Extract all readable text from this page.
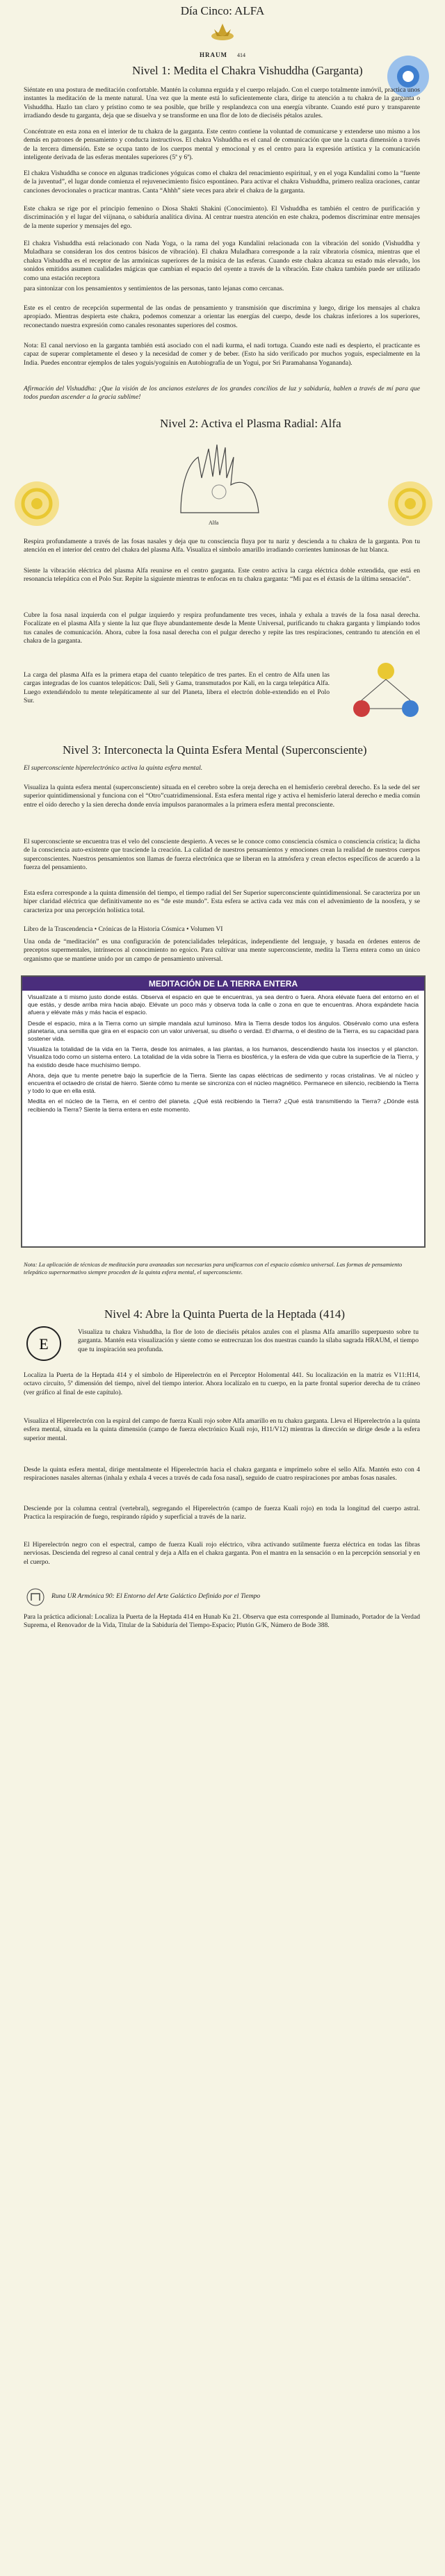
Día Cinco: ALFA
HRAUM 414
Nivel 1: Medita el Chakra Vishuddha (Garganta)

Siéntate en una postura de meditación confortable. Mantén la columna erguida y el cuerpo relajado. Con el cuerpo totalmente inmóvil, practica unos instantes la meditación de la mente natural. Una vez que la mente está lo suficientemente clara, dirige tu atención a tu chakra de la garganta o Vishuddha. Hazlo tan claro y prístino como te sea posible, que brille y resplandezca con una energía vibrante. Cuando esté puro y transparente irradiando desde tu garganta, deja que se disuelva y se transforme en una flor de loto de dieciséis pétalos azules.

Concéntrate en esta zona en el interior de tu chakra de la garganta. Este centro contiene la voluntad de comunicarse y extenderse uno mismo a los demás en patrones de pensamiento y conducta instructivos. El chakra Vishuddha es el canal de comunicación que une la cuarta dimensión a través de la tercera dimensión. Este se ocupa tanto de los cuerpos mental y emocional y es el centro para la expresión artística y la comunicación inteligente derivada de las esferas mentales superiores (5ª y 6ª).

El chakra Vishuddha se conoce en algunas tradiciones yóguicas como el chakra del renacimiento espiritual, y en el yoga Kundalini como la “fuente de la juventud”, el lugar donde comienza el rejuvenecimiento físico espontáneo. Para activar el chakra Vishuddha, primero realiza oraciones, cantar canciones devocionales o practicar mantras. Canta “Ahhh” siete veces para abrir el chakra de la garganta.

Este chakra se rige por el principio femenino o Diosa Shakti Shakini (Conocimiento). El Vishuddha es también el centro de purificación y discriminación y el lugar del viijnana, o sabiduría analítica divina. Al centrar nuestra atención en este chakra, podemos discriminar entre mensajes de la mente superior y mensajes del ego.

El chakra Vishuddha está relacionado con Nada Yoga, o la rama del yoga Kundalini relacionada con la vibración del sonido (Vishuddha y Muladhara se consideran los dos centros básicos de vibración). El chakra Muladhara corresponde a la raíz vibratoria cósmica, mientras que el chakra Vishuddha es el receptor de las armónicas superiores de la música de las esferas. Cuando este chakra alcanza su estado más elevado, los sonidos emitidos asumen cualidades mágicas que cambian el espacio del oyente a través de la vibración. Este chakra también puede ser utilizado como una estación receptora

para sintonizar con los pensamientos y sentimientos de las personas, tanto lejanas como cercanas.

Este es el centro de recepción supermental de las ondas de pensamiento y transmisión que discrimina y luego, dirige los mensajes al chakra apropiado. Mientras despierta este chakra, podemos comenzar a orientar las energías del cuerpo, desde los chakras inferiores a los superiores, reconectando nuestra expresión como canales resonantes superiores del cosmos.

Nota: El canal nervioso en la garganta también está asociado con el nadi kurma, el nadi tortuga. Cuando este nadi es despierto, el practicante es capaz de superar completamente el deseo y la necesidad de comer y de beber. (Esto ha sido verificado por muchos yoguis, especialmente en la India. Puedes encontrar ejemplos de tales yoguis/yoguinis en Autobiografía de un Yogui, por Sri Paramahansa Yogananda).

Afirmación del Vishuddha: ¡Que la visión de los ancianos estelares de los grandes concilios de luz y sabiduría, hablen a través de mí para que todos puedan ascender a la gracia sublime!

Nivel 2: Activa el Plasma Radial: Alfa
Alfa

Respira profundamente a través de las fosas nasales y deja que tu consciencia fluya por tu nariz y descienda a tu chakra de la garganta. Pon tu atención en el interior del centro del chakra del plasma Alfa. Visualiza el símbolo amarillo irradiando corrientes luminosas de luz blanca.

Siente la vibración eléctrica del plasma Alfa reunirse en el centro garganta. Este centro activa la carga eléctrica doble extendida, que está en resonancia telepática con el Polo Sur. Repite la siguiente mientras te enfocas en tu chakra garganta: “Mi paz es el éxtasis de la última sensación”.

Cubre la fosa nasal izquierda con el pulgar izquierdo y respira profundamente tres veces, inhala y exhala a través de la fosa nasal derecha. Focalízate en el plasma Alfa y siente la luz que fluye abundantemente desde la Mente Universal, purificando tu chakra garganta y limpiando todos tus canales de comunicación. Ahora, cubre la fosa nasal derecha con el pulgar derecho y repite las tres respiraciones, centrando tu atención en el chakra de la garganta.

La carga del plasma Alfa es la primera etapa del cuanto telepático de tres partes. En el centro de Alfa unen las cargas integradas de los cuantos telepáticos: Dali, Seli y Gama, transmutados por Kali, en la carga telepática Alfa. Luego extendiéndolo tu mente telepáticamente al sur del Planeta, libera el electrón doble-extendido en el Polo Sur.

Nivel 3: Interconecta la Quinta Esfera Mental (Superconsciente)

El superconsciente hiperelectrónico activa la quinta esfera mental.

Visualiza la quinta esfera mental (superconsciente) situada en el cerebro sobre la oreja derecha en el hemisferio cerebral derecho. Es la sede del ser superior quintidimensional y funciona con el “Otro”cuatridimensional. Esta esfera mental rige y activa el hemisferio lateral derecho e media común entre el oído derecho y la sien derecha donde envía impulsos paranormales a la primera esfera mental preconsciente.

El superconsciente se encuentra tras el velo del consciente despierto. A veces se le conoce como consciencia cósmica o consciencia crística; la dicha de la consciencia auto-existente que trasciende la creación. La calidad de nuestros pensamientos y emociones crean la realidad de nuestros cuerpos superconscientes. Nuestros pensamientos son llamas de fuerza electrónica que se liberan en la atmósfera y crean efectos específicos de acuerdo a la fuerza del pensamiento.

Esta esfera corresponde a la quinta dimensión del tiempo, el tiempo radial del Ser Superior superconsciente quintidimensional. Se caracteriza por un hiper claridad eléctrica que definitivamente no es “de este mundo”. Esta esfera se activa cada vez más con el advenimiento de la noosfera, y se caracteriza por una percepción holística total.

Libro de la Trascendencia • Crónicas de la Historia Cósmica • Volumen VI

Una onda de “meditación” es una configuración de potencialidades telepáticas, independiente del lenguaje, y basada en órdenes enteros de preceptos supermentales, intrínsecos al conocimiento no egoico. Para cultivar una mente superconsciente, medita la Tierra entera como un único organismo que se mantiene unido por un campo de pensamiento universal.

MEDITACIÓN DE LA TIERRA ENTERA

Visualízate a ti mismo justo donde estás. Observa el espacio en que te encuentras, ya sea dentro o fuera. Ahora elévate fuera del entorno en el que estás, y desde arriba mira hacia abajo. Elévate un poco más y observa toda la calle o zona en que te encuentras. Ahora expándete hacia afuera y elévate más y más hacia el espacio.

Desde el espacio, mira a la Tierra como un simple mandala azul luminoso. Mira la Tierra desde todos los ángulos. Obsérvalo como una esfera planetaria, una semilla que gira en el espacio con un valor universal, su diseño o verdad. El dharma, o el destino de la Tierra, es su capacidad para sostener vida.

Visualiza la totalidad de la vida en la Tierra, desde los animales, a las plantas, a los humanos, descendiendo hasta los insectos y el plancton. Visualiza todo como un sistema entero. La totalidad de la vida sobre la Tierra es biosférica, y la esfera de vida que cubre la superficie de la Tierra, y ha existido desde hace muchísimo tiempo.

Ahora, deja que tu mente penetre bajo la superficie de la Tierra. Siente las capas eléctricas de sedimento y rocas cristalinas. Ve al núcleo y encuentra el octaedro de cristal de hierro. Siente cómo tu mente se sincroniza con el núcleo magnético. Permanece en silencio, recibiendo la Tierra y todo lo que en ella está.

Medita en el núcleo de la Tierra, en el centro del planeta. ¿Qué está recibiendo la Tierra? ¿Qué está transmitiendo la Tierra? ¿Dónde está recibiendo la Tierra? Siente la tierra entera en este momento.

Nota: La aplicación de técnicas de meditación para avanzadas son necesarias para unificarnos con el espacio cósmico universal. Las formas de pensamiento telepático supernormativo siempre proceden de la quinta esfera mental, el superconsciente.

Nivel 4: Abre la Quinta Puerta de la Heptada (414)
E

Visualiza tu chakra Vishuddha, la flor de loto de dieciséis pétalos azules con el plasma Alfa amarillo superpuesto sobre tu garganta. Mantén esta visualización y siente como se entrecruzan los dos nuestras cuando la sílaba sagrada HRAUM, el tiempo que tu inspiración sea profunda.

Localiza la Puerta de la Heptada 414 y el símbolo de Hiperelectrón en el Perceptor Holomental 441. Su localización en la matriz es V11:H14, octavo circuito, 5ª dimensión del tiempo, nivel del tiempo interior. Ahora localízalo en tu cuerpo, en la parte frontal superior derecha de tu cráneo (ver gráfico al final de este capítulo).

Visualiza el Hiperelectrón con la espiral del campo de fuerza Kuali rojo sobre Alfa amarillo en tu chakra garganta. Lleva el Hiperelectrón a la quinta esfera mental, situada en la quinta dimensión (campo de fuerza electrónico Kuali rojo, H11/V12) mientras la dirección se dirige desde a la esfera superior mental.

Desde la quinta esfera mental, dirige mentalmente el Hiperelectrón hacia el chakra garganta e imprímelo sobre el sello Alfa. Mantén esto con 4 respiraciones nasales alternas (inhala y exhala 4 veces a través de cada fosa nasal), seguido de cuatro respiraciones por ambas fosas nasales.

Desciende por la columna central (vertebral), segregando el Hiperelectrón (campo de fuerza Kuali rojo) en toda la longitud del cuerpo astral. Practica la respiración de fuego, respirando rápido y superficial a través de la nariz.

El Hiperelectrón negro con el espectral, campo de fuerza Kuali rojo eléctrico, vibra activando sutilmente fuerza eléctrica en todas las fibras nerviosas. Descienda del regreso al canal central y deja a Alfa en el chakra garganta. Pon el mantra en la sensación o en la percepción sensorial y en el cuerpo.

Runa UR Armónica 90: El Entorno del Arte Galáctico Definido por el Tiempo

Para la práctica adicional: Localiza la Puerta de la Heptada 414 en Hunab Ku 21. Observa que esta corresponde al Iluminado, Portador de la Verdad Suprema, el Renovador de la Vida, Titular de la Sabiduría del Tiempo-Espacio; Plutón G/K, Número de Bode 388.
